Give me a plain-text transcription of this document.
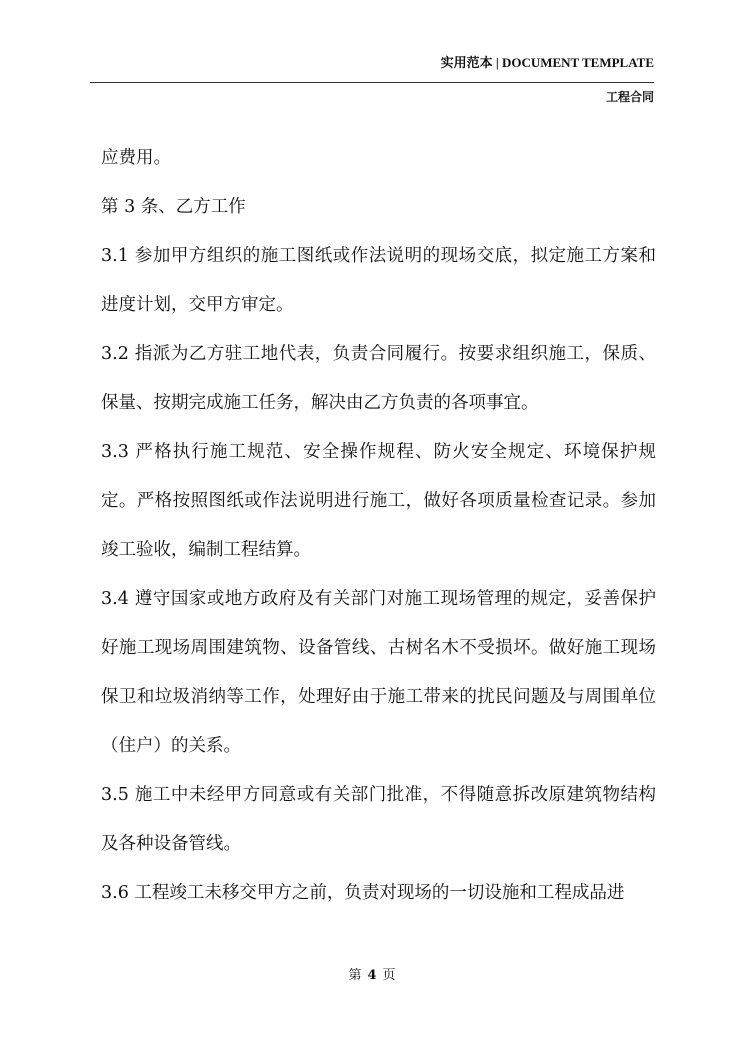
实用范本 | DOCUMENT TEMPLATE
工程合同

应费用。

第 3 条、乙方工作

3.1 参加甲方组织的施工图纸或作法说明的现场交底，拟定施工方案和进度计划，交甲方审定。

3.2 指派为乙方驻工地代表，负责合同履行。按要求组织施工，保质、保量、按期完成施工任务，解决由乙方负责的各项事宜。

3.3 严格执行施工规范、安全操作规程、防火安全规定、环境保护规定。严格按照图纸或作法说明进行施工，做好各项质量检查记录。参加竣工验收，编制工程结算。

3.4 遵守国家或地方政府及有关部门对施工现场管理的规定，妥善保护好施工现场周围建筑物、设备管线、古树名木不受损坏。做好施工现场保卫和垃圾消纳等工作，处理好由于施工带来的扰民问题及与周围单位（住户）的关系。

3.5 施工中未经甲方同意或有关部门批准，不得随意拆改原建筑物结构及各种设备管线。

3.6 工程竣工未移交甲方之前，负责对现场的一切设施和工程成品进

第 4 页
